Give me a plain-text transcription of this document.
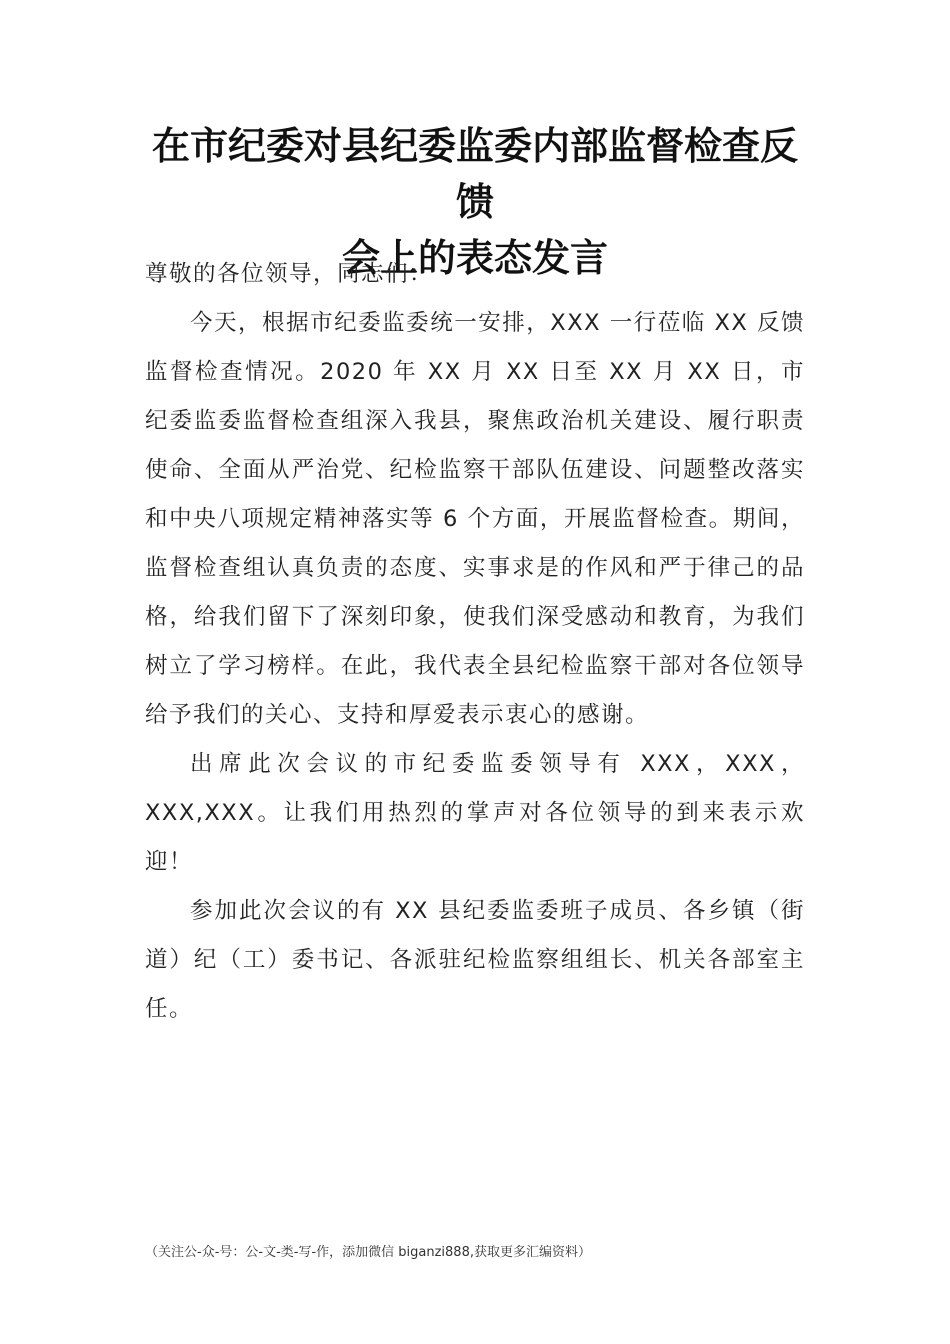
在市纪委对县纪委监委内部监督检查反馈
会上的表态发言

尊敬的各位领导，同志们：

今天，根据市纪委监委统一安排，XXX 一行莅临 XX 反馈监督检查情况。2020 年 XX 月 XX 日至 XX 月 XX 日，市纪委监委监督检查组深入我县，聚焦政治机关建设、履行职责使命、全面从严治党、纪检监察干部队伍建设、问题整改落实和中央八项规定精神落实等 6 个方面，开展监督检查。期间，监督检查组认真负责的态度、实事求是的作风和严于律己的品格，给我们留下了深刻印象，使我们深受感动和教育，为我们树立了学习榜样。在此，我代表全县纪检监察干部对各位领导给予我们的关心、支持和厚爱表示衷心的感谢。

出席此次会议的市纪委监委领导有 XXX，XXX，XXX,XXX。让我们用热烈的掌声对各位领导的到来表示欢迎！

参加此次会议的有 XX 县纪委监委班子成员、各乡镇（街道）纪（工）委书记、各派驻纪检监察组组长、机关各部室主任。

（关注公-众-号：公-文-类-写-作，添加微信 biganzi888,获取更多汇编资料）
